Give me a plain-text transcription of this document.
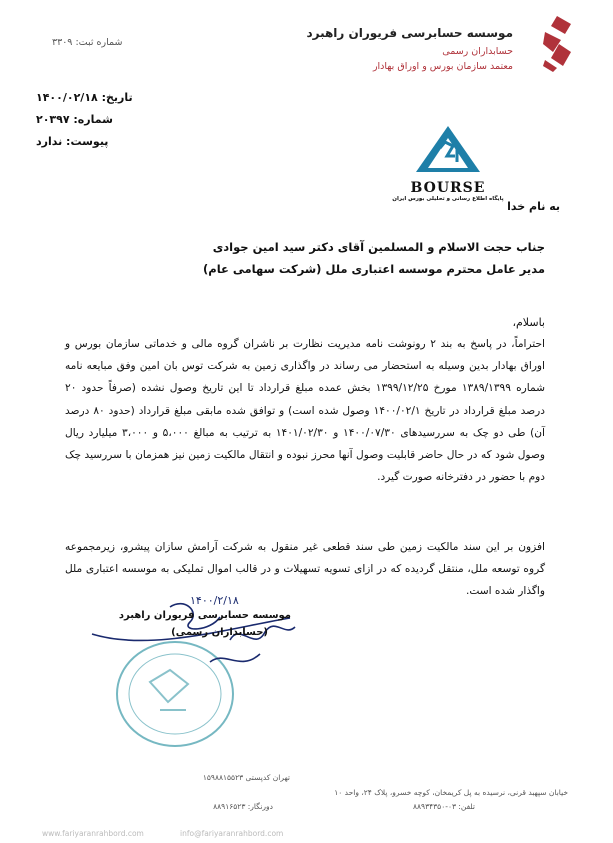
موسسه حسابرسی فریوران راهبرد
حسابداران رسمی
معتمد سازمان بورس و اوراق بهادار
شماره ثبت: ۳۳۰۹
تاریخ: ۱۴۰۰/۰۲/۱۸
شماره: ۲۰۳۹۷
پیوست: ندارد
BOURSE
پایگاه اطلاع رسانی و تحلیلی بورس ایران
به نام خدا
جناب حجت الاسلام و المسلمین آقای دکتر سید امین جوادی
مدیر عامل محترم موسسه اعتباری ملل (شرکت سهامی عام)
باسلام،
احتراماً، در پاسخ به بند ۲ رونوشت نامه مدیریت نظارت بر ناشران گروه مالی و خدماتی سازمان بورس و اوراق بهادار بدین وسیله به استحضار می رساند در واگذاری زمین به شرکت توس بان امین وفق مبایعه نامه شماره ۱۳۸۹/۱۳۹۹ مورخ ۱۳۹۹/۱۲/۲۵ بخش عمده مبلغ قرارداد تا این تاریخ وصول نشده (صرفاً حدود ۲۰ درصد مبلغ قرارداد در تاریخ ۱۴۰۰/۰۲/۱ وصول شده است) و توافق شده مابقی مبلغ قرارداد (حدود ۸۰ درصد آن) طی دو چک به سررسیدهای ۱۴۰۰/۰۷/۳۰ و ۱۴۰۱/۰۲/۳۰ به ترتیب به مبالغ ۵،۰۰۰ و ۳،۰۰۰ میلیارد ریال وصول شود که در حال حاضر قابلیت وصول آنها محرز نبوده و انتقال مالکیت زمین نیز همزمان با سررسید چک دوم با حضور در دفترخانه صورت گیرد.
افزون بر این سند مالکیت زمین طی سند قطعی غیر منقول به شرکت آرامش سازان پیشرو، زیرمجموعه گروه توسعه ملل، منتقل گردیده که در ازای تسویه تسهیلات و در قالب اموال تملیکی به موسسه اعتباری ملل واگذار شده است.
۱۴۰۰/۲/۱۸
موسسه حسابرسی فریوران راهبرد
(حسابداران رسمی)
تهران کدپستی ۱۵۹۸۸۱۵۵۲۳
خیابان سپهبد قرنی، نرسیده به پل کریمخان، کوچه خسرو، پلاک ۲۴، واحد ۱۰
دورنگار: ۸۸۹۱۶۵۲۳	تلفن: ۰۳-۸۸۹۳۴۳۵۰
www.fariyaranrahbord.com	info@fariyaranrahbord.com
